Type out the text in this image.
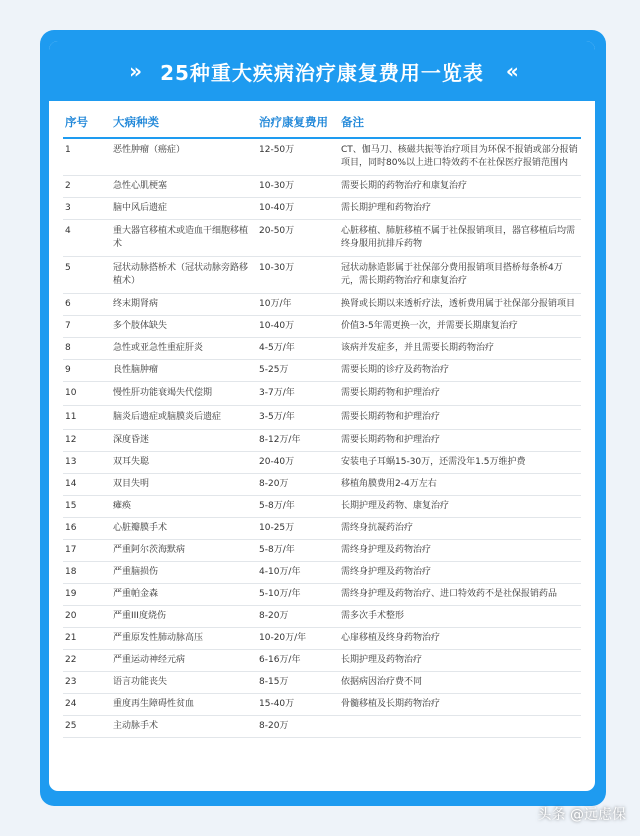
» 25种重大疾病治疗康复费用一览表 «
序号	大病种类	治疗康复费用	备注
1	恶性肿瘤（癌症）	12-50万	CT、伽马刀、核磁共振等治疗项目为环保不报销或部分报销项目，同时80%以上进口特效药不在社保医疗报销范围内
2	急性心肌梗塞	10-30万	需要长期的药物治疗和康复治疗
3	脑中风后遗症	10-40万	需长期护理和药物治疗
4	重大器官移植术或造血干细胞移植术	20-50万	心脏移植、肺脏移植不属于社保报销项目，器官移植后均需终身服用抗排斥药物
5	冠状动脉搭桥术（冠状动脉旁路移植术）	10-30万	冠状动脉造影属于社保部分费用报销项目搭桥每条桥4万元，需长期药物治疗和康复治疗
6	终末期肾病	10万/年	换肾或长期以来透析疗法，透析费用属于社保部分报销项目
7	多个肢体缺失	10-40万	价值3-5年需更换一次，并需要长期康复治疗
8	急性或亚急性重症肝炎	4-5万/年	该病并发症多，并且需要长期药物治疗
9	良性脑肿瘤	5-25万	需要长期的诊疗及药物治疗
10	慢性肝功能衰竭失代偿期	3-7万/年	需要长期药物和护理治疗
11	脑炎后遗症或脑膜炎后遗症	3-5万/年	需要长期药物和护理治疗
12	深度昏迷	8-12万/年	需要长期药物和护理治疗
13	双耳失聪	20-40万	安装电子耳蜗15-30万，还需没年1.5万维护费
14	双目失明	8-20万	移植角膜费用2-4万左右
15	瘫痪	5-8万/年	长期护理及药物、康复治疗
16	心脏瓣膜手术	10-25万	需终身抗凝药治疗
17	严重阿尔茨海默病	5-8万/年	需终身护理及药物治疗
18	严重脑损伤	4-10万/年	需终身护理及药物治疗
19	严重帕金森	5-10万/年	需终身护理及药物治疗、进口特效药不是社保报销药品
20	严重III度烧伤	8-20万	需多次手术整形
21	严重原发性肺动脉高压	10-20万/年	心扉移植及终身药物治疗
22	严重运动神经元病	6-16万/年	长期护理及药物治疗
23	语言功能丧失	8-15万	依据病因治疗费不同
24	重度再生障碍性贫血	15-40万	骨髓移植及长期药物治疗
25	主动脉手术	8-20万	
头条 @远虑保
